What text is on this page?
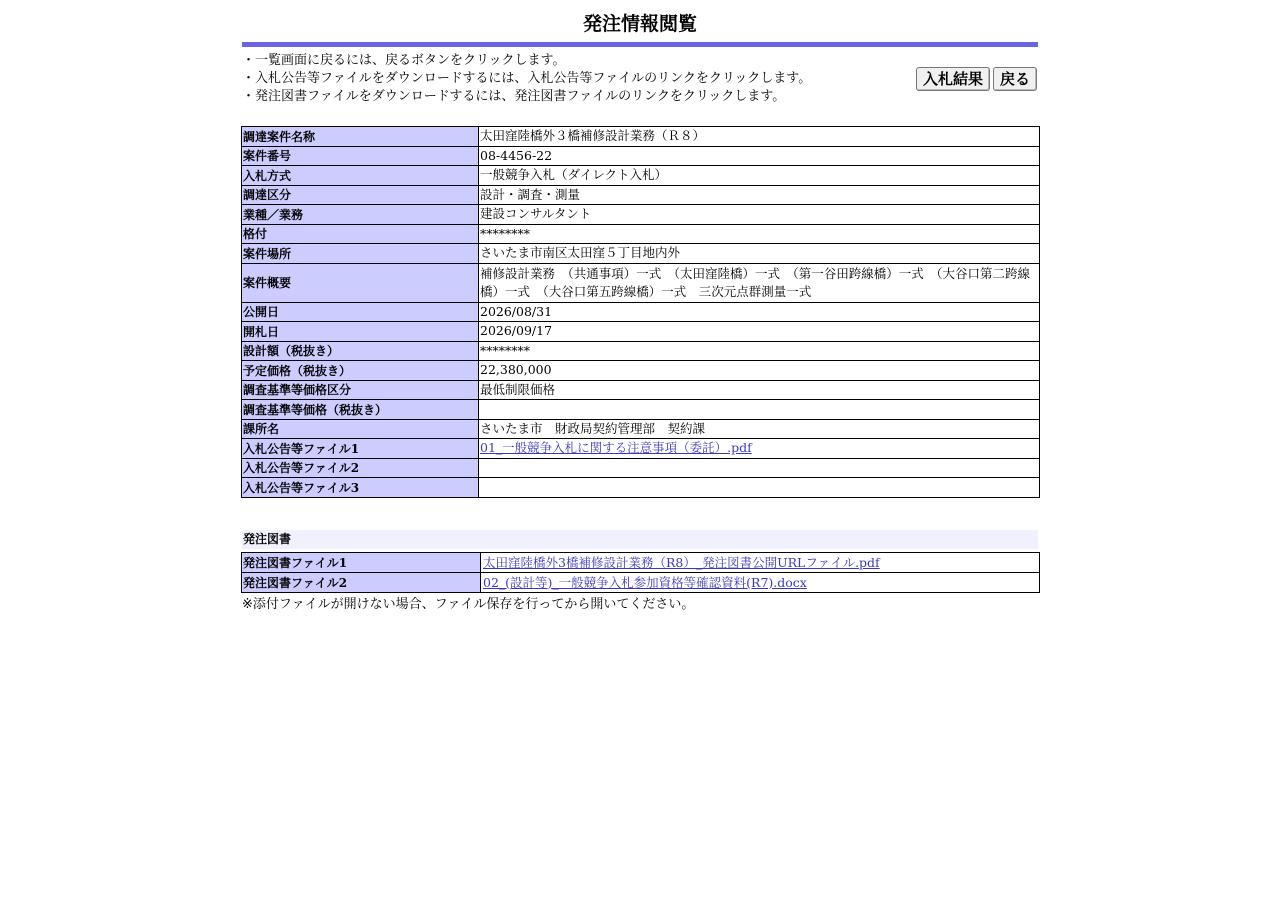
発注情報閲覧
・一覧画面に戻るには、戻るボタンをクリックします。
・入札公告等ファイルをダウンロードするには、入札公告等ファイルのリンクをクリックします。
・発注図書ファイルをダウンロードするには、発注図書ファイルのリンクをクリックします。
入札結果	戻る
調達案件名称	太田窪陸橋外３橋補修設計業務（Ｒ８）
案件番号	08-4456-22
入札方式	一般競争入札（ダイレクト入札）
調達区分	設計・調査・測量
業種／業務	建設コンサルタント
格付	********
案件場所	さいたま市南区太田窪５丁目地内外
案件概要	補修設計業務　（共通事項）一式　（太田窪陸橋）一式　（第一谷田跨線橋）一式　（大谷口第二跨線橋）一式　（大谷口第五跨線橋）一式　三次元点群測量一式
公開日	2026/08/31
開札日	2026/09/17
設計額（税抜き）	********
予定価格（税抜き）	22,380,000
調査基準等価格区分	最低制限価格
調査基準等価格（税抜き）	
課所名	さいたま市　財政局契約管理部　契約課
入札公告等ファイル1	01_一般競争入札に関する注意事項（委託）.pdf
入札公告等ファイル2	
入札公告等ファイル3	
発注図書
発注図書ファイル1	太田窪陸橋外3橋補修設計業務（R8）_発注図書公開URLファイル.pdf
発注図書ファイル2	02_(設計等)_一般競争入札参加資格等確認資料(R7).docx
※添付ファイルが開けない場合、ファイル保存を行ってから開いてください。
